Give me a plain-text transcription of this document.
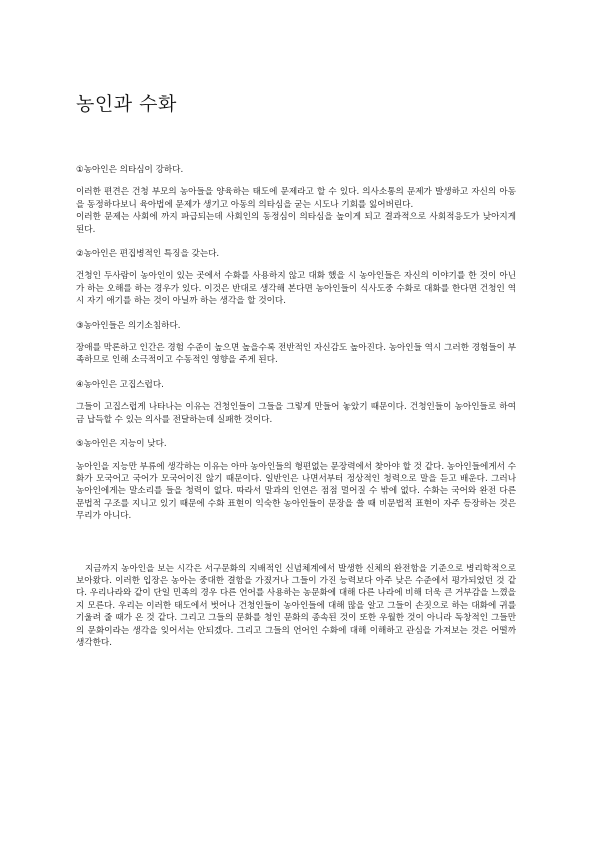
농인과 수화
①농아인은 의타심이 강하다.

이러한 편견은 건청 부모의 농아들을 양육하는 태도에 문제라고 할 수 있다. 의사소통의 문제가 발생하고 자신의 아동을 동정하다보니 육아법에 문제가 생기고 아동의 의타심을 굳는 시도나 기회를 잃어버린다.

이러한 문제는 사회에 까지 파급되는데 사회인의 동정심이 의타심을 높이게 되고 결과적으로 사회적응도가 낮아지게 된다.

②농아인은 편집병적인 특징을 갖는다.

건청인 두사람이 농아인이 있는 곳에서 수화를 사용하지 않고 대화 했을 시 농아인들은 자신의 이야기를 한 것이 아닌가 하는 오해를 하는 경우가 있다. 이것은 반대로 생각해 본다면 농아인들이 식사도중 수화로 대화를 한다면 건청인 역시 자기 애기를 하는 것이 아닐까 하는 생각을 할 것이다.

③농아인들은 의기소침하다.

장애를 막론하고 인간은 경험 수준이 높으면 높을수록 전반적인 자신감도 높아진다. 농아인들 역시 그러한 경험들이 부족하므로 인해 소극적이고 수동적인 영향을 주게 된다.

④농아인은 고집스럽다.

그들이 고집스럽게 나타나는 이유는 건청인들이 그들을 그렇게 만들어 놓았기 때문이다. 건청인들이 농아인들로 하여금 납득할 수 있는 의사를 전달하는데 실패한 것이다.

⑤농아인은 지능이 낮다.

농아인을 지능만 부류에 생각하는 이유는 아마 농아인들의 형편없는 문장력에서 찾아야 할 것 같다. 농아인들에게서 수화가 모국어고 국어가 모국어이진 않기 때문이다. 일반인은 나면서부터 정상적인 청력으로 말을 듣고 배운다. 그러나 농아인에게는 말소리를 들을 청력이 없다. 따라서 말과의 인연은 점점 멀어질 수 밖에 없다. 수화는 국어와 완전 다른 문법적 구조를 지니고 있기 때문에 수화 표현이 익숙한 농아인들이 문장을 쓸 때 비문법적 표현이 자주 등장하는 것은 무리가 아니다.

지금까지 농아인을 보는 시각은 서구문화의 지배적인 신념체계에서 발생한 신체의 완전함을 기준으로 병리학적으로 보아왔다. 이러한 입장은 농아는 중대한 결함을 가졌거나 그들이 가진 능력보다 아주 낮은 수준에서 평가되었던 것 같다. 우리나라와 같이 단일 민족의 경우 다른 언어를 사용하는 농문화에 대해 다른 나라에 비해 더욱 큰 거부감을 느꼈을지 모른다. 우리는 이러한 태도에서 벗어나 건청인들이 농아인들에 대해 많을 알고 그들이 손짓으로 하는 대화에 귀를 기울려 줄 때가 온 것 같다. 그리고 그들의 문화를 청인 문화의 종속된 것이 또한 우월한 것이 아니라 독창적인 그들만의 문화이라는 생각을 잊어서는 안되겠다. 그리고 그들의 언어인 수화에 대해 이해하고 관심을 가져보는 것은 어떨까 생각한다.
